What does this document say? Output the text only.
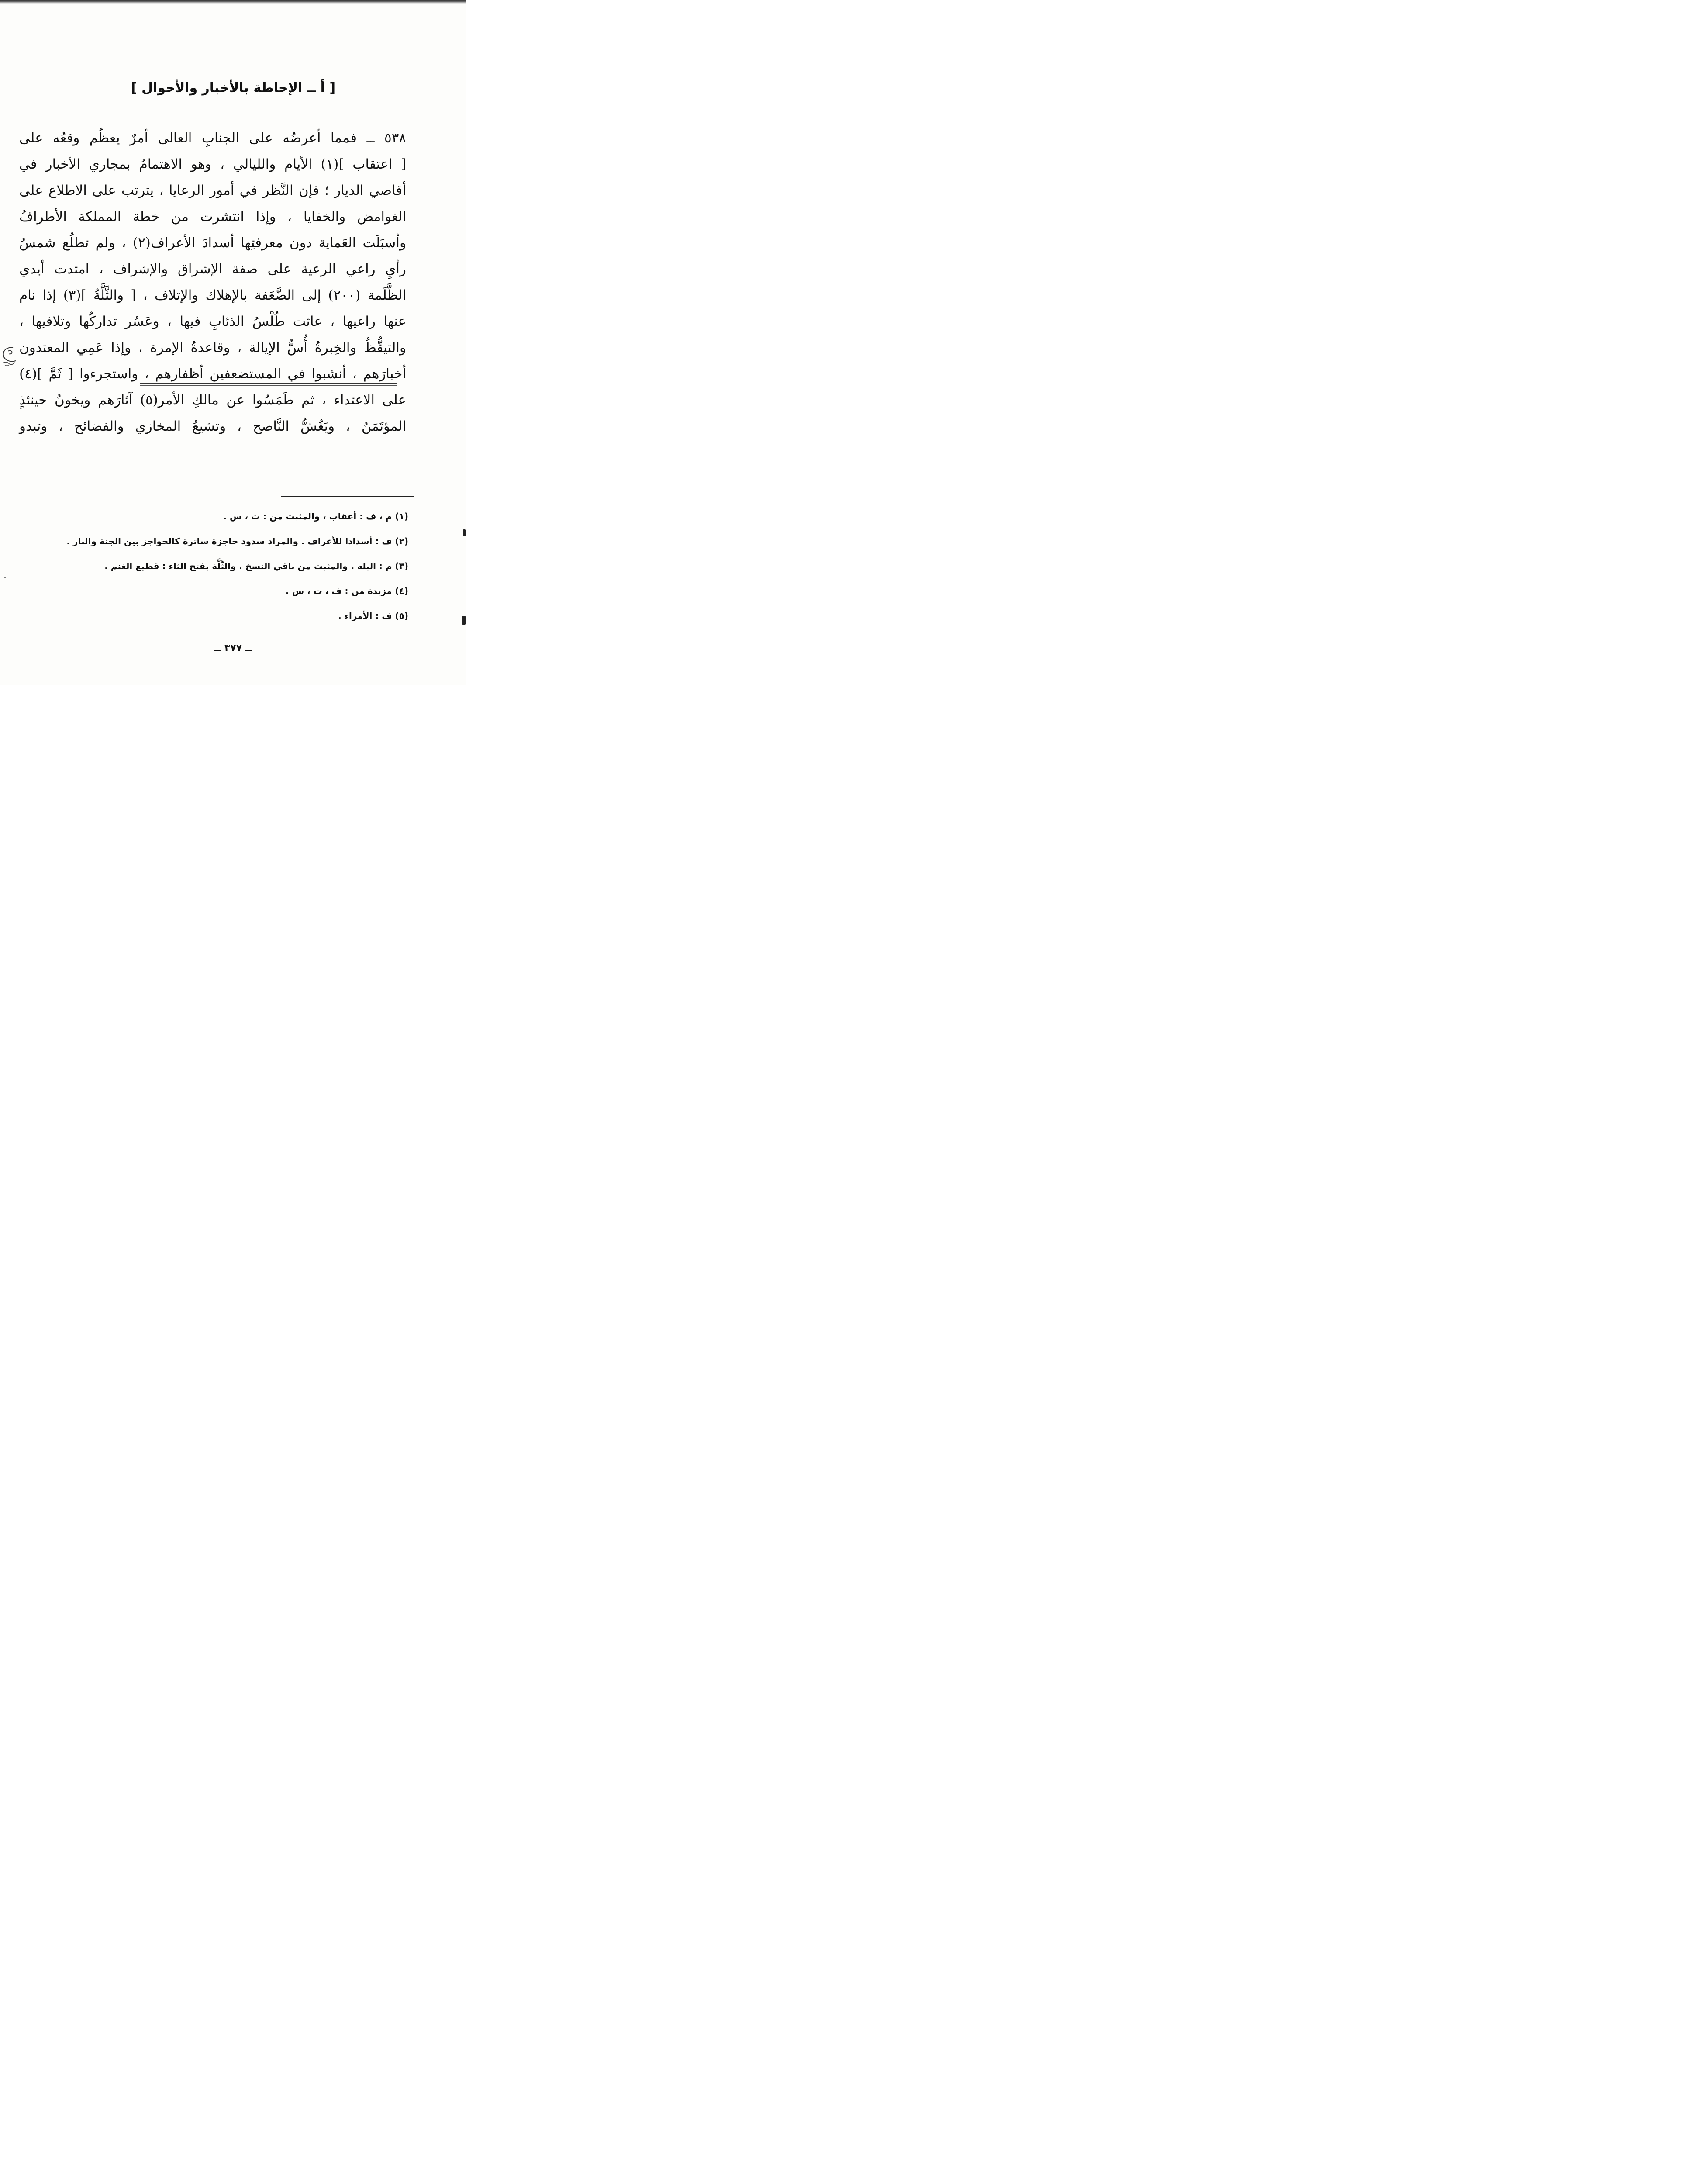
[ أ ــ الإحاطة بالأخبار والأحوال ]
٥٣٨ ــ فمما أعرضُه على الجنابِ العالى أمرٌ يعظُم وقعُه على
[ اعتقاب ](١) الأيام والليالي ، وهو الاهتمامُ بمجاري الأخبار في
أقاصي الديار ؛ فإن النَّظر في أمور الرعايا ، يترتب على الاطلاع على
الغوامض والخفايا ، وإذا انتشرت من خطة المملكة الأطرافُ
وأسبَلَت العَماية دون معرفتِها أسدادَ الأعراف(٢) ، ولم تطلُع شمسُ
رأيِ راعي الرعية على صفة الإشراق والإشراف ، امتدت أيدي
الظَّلَمة (٢٠٠) إلى الضَّعَفة بالإهلاك والإتلاف ، [ والثَّلَّةُ ](٣) إذا نام
عنها راعيها ، عاثت طُلْسُ الذئابِ فيها ، وعَسُر تداركُها وتلافيها ،
والتيقُّظُ والخِبرةُ أُسُّ الإيالة ، وقاعدةُ الإمرة ، وإذا عَمِي المعتدون
أخبارَهم ، أنشبوا في المستضعفين أظفارهم ، واستجرءوا [ ثَمَّ ](٤)
على الاعتداء ، ثم طَمَسُوا عن مالكِ الأمر(٥) آثارَهم ويخونُ حينئذٍ
المؤتَمَنُ ، ويَغُشُّ النَّاصح ، وتشيعُ المخازي والفضائح ، وتبدو
(١) م ، ف : أعقاب ، والمثبت من : ت ، س .
(٢) ف : أسدادا للأعراف . والمراد سدود حاجزة ساترة كالحواجز بين الجنة والنار .
(٣) م : البله . والمثبت من باقي النسخ . والثَّلَّة بفتح الثاء : قطيع الغنم .
(٤) مزيدة من : ف ، ت ، س .
(٥) ف : الأمراء .
ــ ٣٧٧ ــ
